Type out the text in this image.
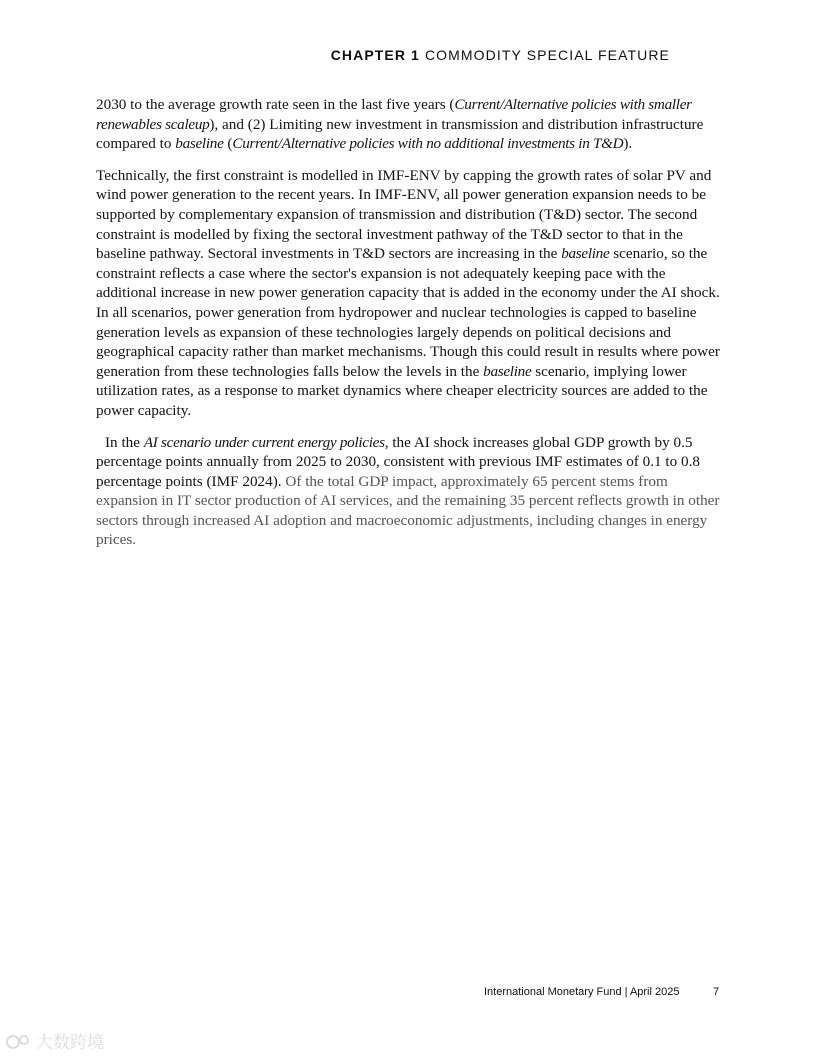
CHAPTER 1 COMMODITY SPECIAL FEATURE

2030 to the average growth rate seen in the last five years (Current/Alternative policies with smaller renewables scaleup), and (2) Limiting new investment in transmission and distribution infrastructure compared to baseline (Current/Alternative policies with no additional investments in T&D).

Technically, the first constraint is modelled in IMF-ENV by capping the growth rates of solar PV and wind power generation to the recent years. In IMF-ENV, all power generation expansion needs to be supported by complementary expansion of transmission and distribution (T&D) sector. The second constraint is modelled by fixing the sectoral investment pathway of the T&D sector to that in the baseline pathway. Sectoral investments in T&D sectors are increasing in the baseline scenario, so the constraint reflects a case where the sector's expansion is not adequately keeping pace with the additional increase in new power generation capacity that is added in the economy under the AI shock. In all scenarios, power generation from hydropower and nuclear technologies is capped to baseline generation levels as expansion of these technologies largely depends on political decisions and geographical capacity rather than market mechanisms. Though this could result in results where power generation from these technologies falls below the levels in the baseline scenario, implying lower utilization rates, as a response to market dynamics where cheaper electricity sources are added to the power capacity.

In the AI scenario under current energy policies, the AI shock increases global GDP growth by 0.5 percentage points annually from 2025 to 2030, consistent with previous IMF estimates of 0.1 to 0.8 percentage points (IMF 2024). Of the total GDP impact, approximately 65 percent stems from expansion in IT sector production of AI services, and the remaining 35 percent reflects growth in other sectors through increased AI adoption and macroeconomic adjustments, including changes in energy prices.

International Monetary Fund | April 2025	7
大数跨境
